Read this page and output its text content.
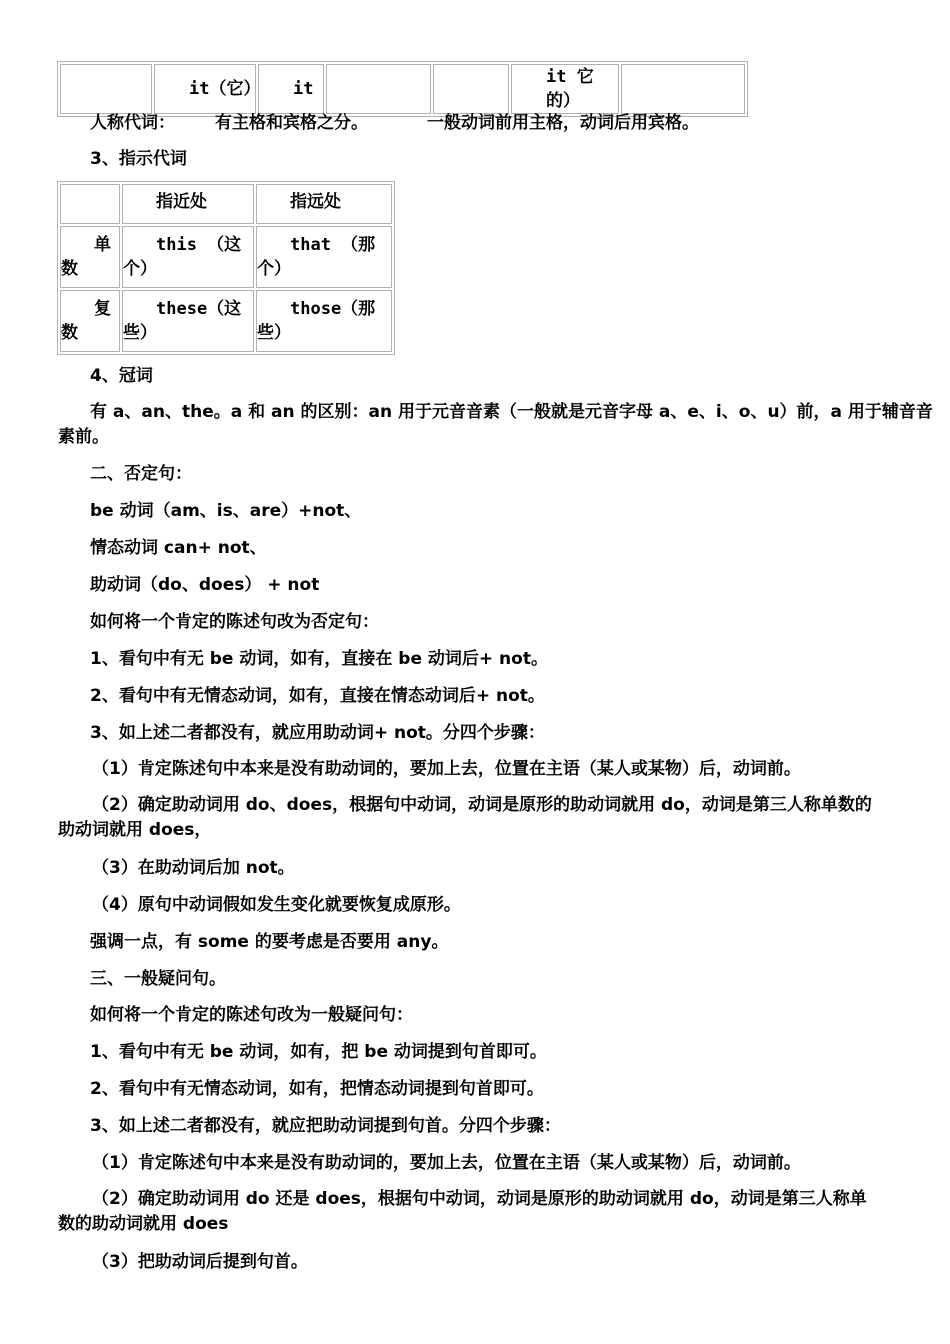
	it（它）	it			it 它的）	
人称代词： 有主格和宾格之分。	一般动词前用主格，动词后用宾格。
3、指示代词

	指近处	指远处

单
数	this （这
个）	that （那
个）

复
数	these（这
些）	those（那
些）
4、冠词
有 a、an、the。a 和 an 的区别：an 用于元音音素（一般就是元音字母 a、e、i、o、u）前，a 用于辅音音
素前。
二、否定句：
be 动词（am、is、are）+not、
情态动词 can+ not、
助动词（do、does） + not
如何将一个肯定的陈述句改为否定句：
1、看句中有无 be 动词，如有，直接在 be 动词后+ not。
2、看句中有无情态动词，如有，直接在情态动词后+ not。
3、如上述二者都没有，就应用助动词+ not。分四个步骤：
（1）肯定陈述句中本来是没有助动词的，要加上去，位置在主语（某人或某物）后，动词前。
（2）确定助动词用 do、does，根据句中动词，动词是原形的助动词就用 do，动词是第三人称单数的
助动词就用 does，
（3）在助动词后加 not。
（4）原句中动词假如发生变化就要恢复成原形。
强调一点，有 some 的要考虑是否要用 any。
三、一般疑问句。
如何将一个肯定的陈述句改为一般疑问句：
1、看句中有无 be 动词，如有，把 be 动词提到句首即可。
2、看句中有无情态动词，如有，把情态动词提到句首即可。
3、如上述二者都没有，就应把助动词提到句首。分四个步骤：
（1）肯定陈述句中本来是没有助动词的，要加上去，位置在主语（某人或某物）后，动词前。
（2）确定助动词用 do 还是 does，根据句中动词，动词是原形的助动词就用 do，动词是第三人称单
数的助动词就用 does
（3）把助动词后提到句首。
